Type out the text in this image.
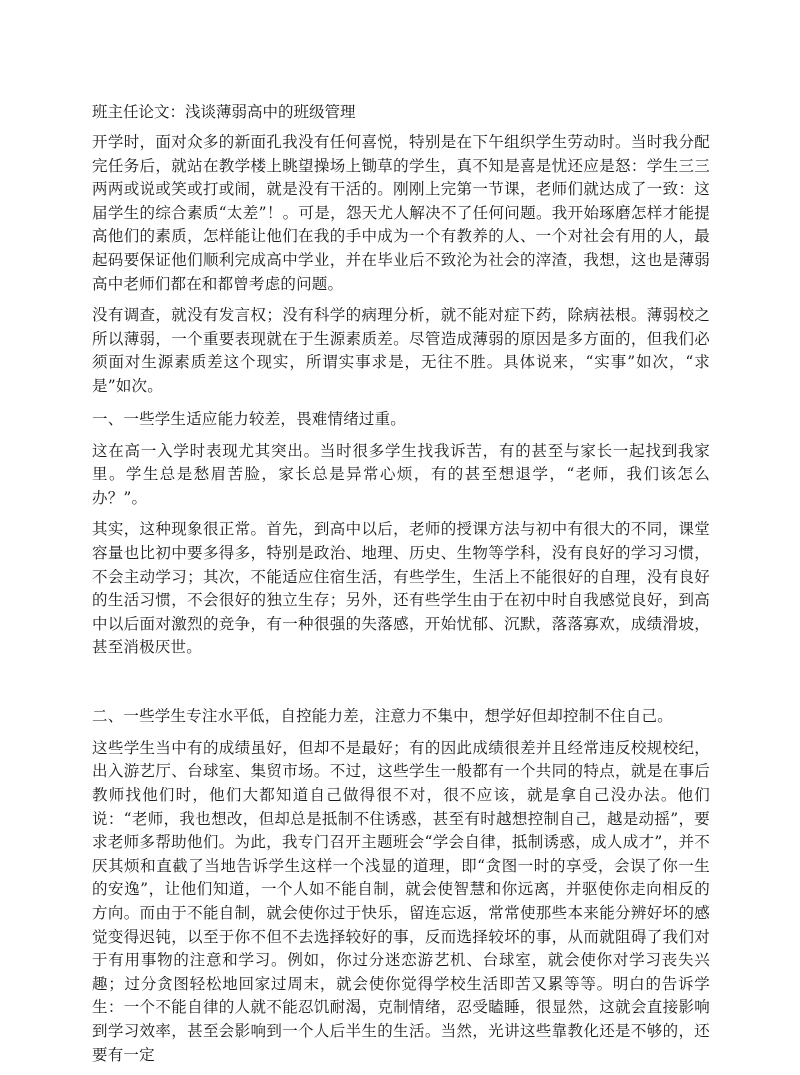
班主任论文：浅谈薄弱高中的班级管理

开学时，面对众多的新面孔我没有任何喜悦，特别是在下午组织学生劳动时。当时我分配完任务后，就站在教学楼上眺望操场上锄草的学生，真不知是喜是忧还应是怒：学生三三两两或说或笑或打或闹，就是没有干活的。刚刚上完第一节课，老师们就达成了一致：这届学生的综合素质“太差”！。可是，怨天尤人解决不了任何问题。我开始琢磨怎样才能提高他们的素质，怎样能让他们在我的手中成为一个有教养的人、一个对社会有用的人，最起码要保证他们顺利完成高中学业，并在毕业后不致沦为社会的滓渣，我想，这也是薄弱高中老师们都在和都曾考虑的问题。

没有调查，就没有发言权；没有科学的病理分析，就不能对症下药，除病祛根。薄弱校之所以薄弱，一个重要表现就在于生源素质差。尽管造成薄弱的原因是多方面的，但我们必须面对生源素质差这个现实，所谓实事求是，无往不胜。具体说来，“实事”如次，“求是”如次。

一、一些学生适应能力较差，畏难情绪过重。

这在高一入学时表现尤其突出。当时很多学生找我诉苦，有的甚至与家长一起找到我家里。学生总是愁眉苦脸，家长总是异常心烦，有的甚至想退学，“老师，我们该怎么办？”。

其实，这种现象很正常。首先，到高中以后，老师的授课方法与初中有很大的不同，课堂容量也比初中要多得多，特别是政治、地理、历史、生物等学科，没有良好的学习习惯，不会主动学习；其次，不能适应住宿生活，有些学生，生活上不能很好的自理，没有良好的生活习惯，不会很好的独立生存；另外，还有些学生由于在初中时自我感觉良好，到高中以后面对激烈的竞争，有一种很强的失落感，开始忧郁、沉默，落落寡欢，成绩滑坡，甚至消极厌世。

二、一些学生专注水平低，自控能力差，注意力不集中，想学好但却控制不住自己。

这些学生当中有的成绩虽好，但却不是最好；有的因此成绩很差并且经常违反校规校纪，出入游艺厅、台球室、集贸市场。不过，这些学生一般都有一个共同的特点，就是在事后教师找他们时，他们大都知道自己做得很不对，很不应该，就是拿自己没办法。他们说：“老师，我也想改，但却总是抵制不住诱惑，甚至有时越想控制自己，越是动摇”，要求老师多帮助他们。为此，我专门召开主题班会“学会自律，抵制诱惑，成人成才”，并不厌其烦和直截了当地告诉学生这样一个浅显的道理，即“贪图一时的享受，会误了你一生的安逸”，让他们知道，一个人如不能自制，就会使智慧和你远离，并驱使你走向相反的方向。而由于不能自制，就会使你过于快乐，留连忘返，常常使那些本来能分辨好坏的感觉变得迟钝，以至于你不但不去选择较好的事，反而选择较坏的事，从而就阻碍了我们对于有用事物的注意和学习。例如，你过分迷恋游艺机、台球室，就会使你对学习丧失兴趣；过分贪图轻松地回家过周末，就会使你觉得学校生活即苦又累等等。明白的告诉学生：一个不能自律的人就不能忍饥耐渴，克制情绪，忍受瞌睡，很显然，这就会直接影响到学习效率，甚至会影响到一个人后半生的生活。当然，光讲这些靠教化还是不够的，还要有一定
